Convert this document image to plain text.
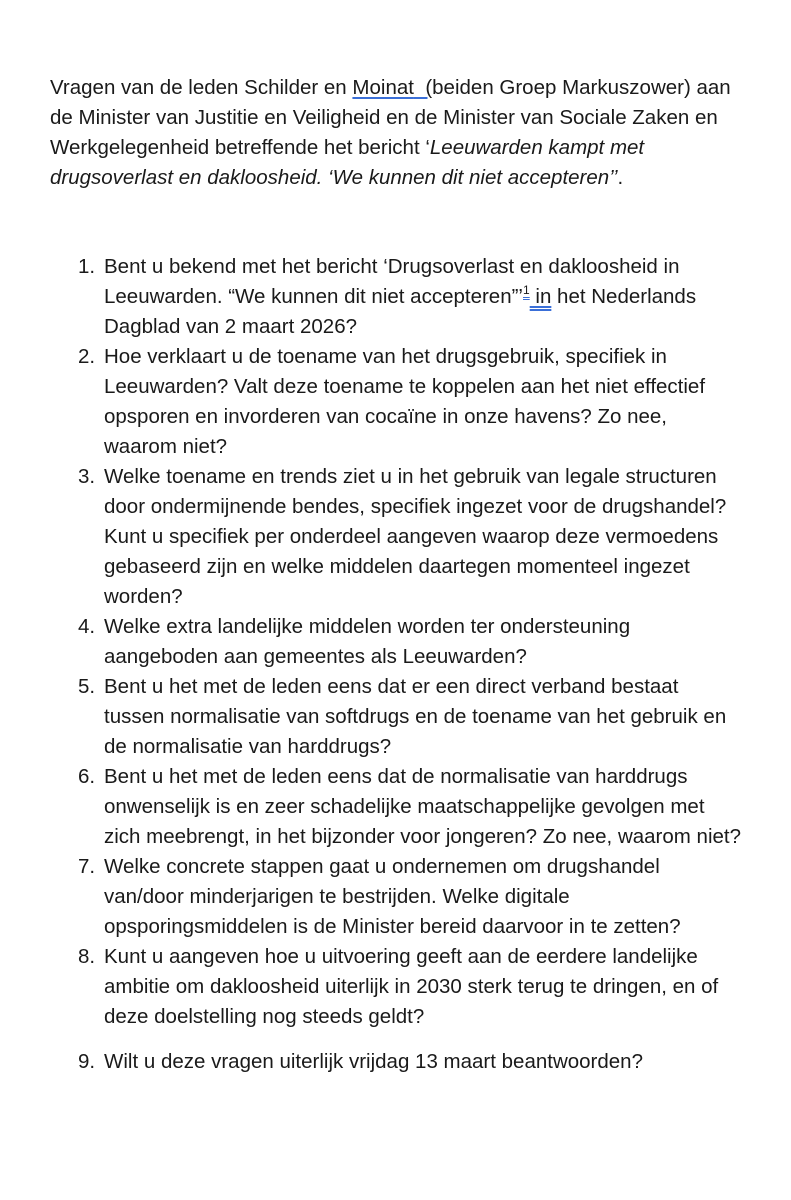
Vragen van de leden Schilder en Moinat  (beiden Groep Markuszower) aan de Minister van Justitie en Veiligheid en de Minister van Sociale Zaken en Werkgelegenheid betreffende het bericht ‘Leeuwarden kampt met drugsoverlast en dakloosheid. ‘We kunnen dit niet accepteren’’.

1. Bent u bekend met het bericht ‘Drugsoverlast en dakloosheid in Leeuwarden. “We kunnen dit niet accepteren”’$^1$ in het Nederlands Dagblad van 2 maart 2026?
2. Hoe verklaart u de toename van het drugsgebruik, specifiek in Leeuwarden? Valt deze toename te koppelen aan het niet effectief opsporen en invorderen van cocaïne in onze havens? Zo nee, waarom niet?
3. Welke toename en trends ziet u in het gebruik van legale structuren door ondermijnende bendes, specifiek ingezet voor de drugshandel? Kunt u specifiek per onderdeel aangeven waarop deze vermoedens gebaseerd zijn en welke middelen daartegen momenteel ingezet worden?
4. Welke extra landelijke middelen worden ter ondersteuning aangeboden aan gemeentes als Leeuwarden?
5. Bent u het met de leden eens dat er een direct verband bestaat tussen normalisatie van softdrugs en de toename van het gebruik en de normalisatie van harddrugs?
6. Bent u het met de leden eens dat de normalisatie van harddrugs onwenselijk is en zeer schadelijke maatschappelijke gevolgen met zich meebrengt, in het bijzonder voor jongeren? Zo nee, waarom niet?
7. Welke concrete stappen gaat u ondernemen om drugshandel van/door minderjarigen te bestrijden. Welke digitale opsporingsmiddelen is de Minister bereid daarvoor in te zetten?
8. Kunt u aangeven hoe u uitvoering geeft aan de eerdere landelijke ambitie om dakloosheid uiterlijk in 2030 sterk terug te dringen, en of deze doelstelling nog steeds geldt?
9. Wilt u deze vragen uiterlijk vrijdag 13 maart beantwoorden?
